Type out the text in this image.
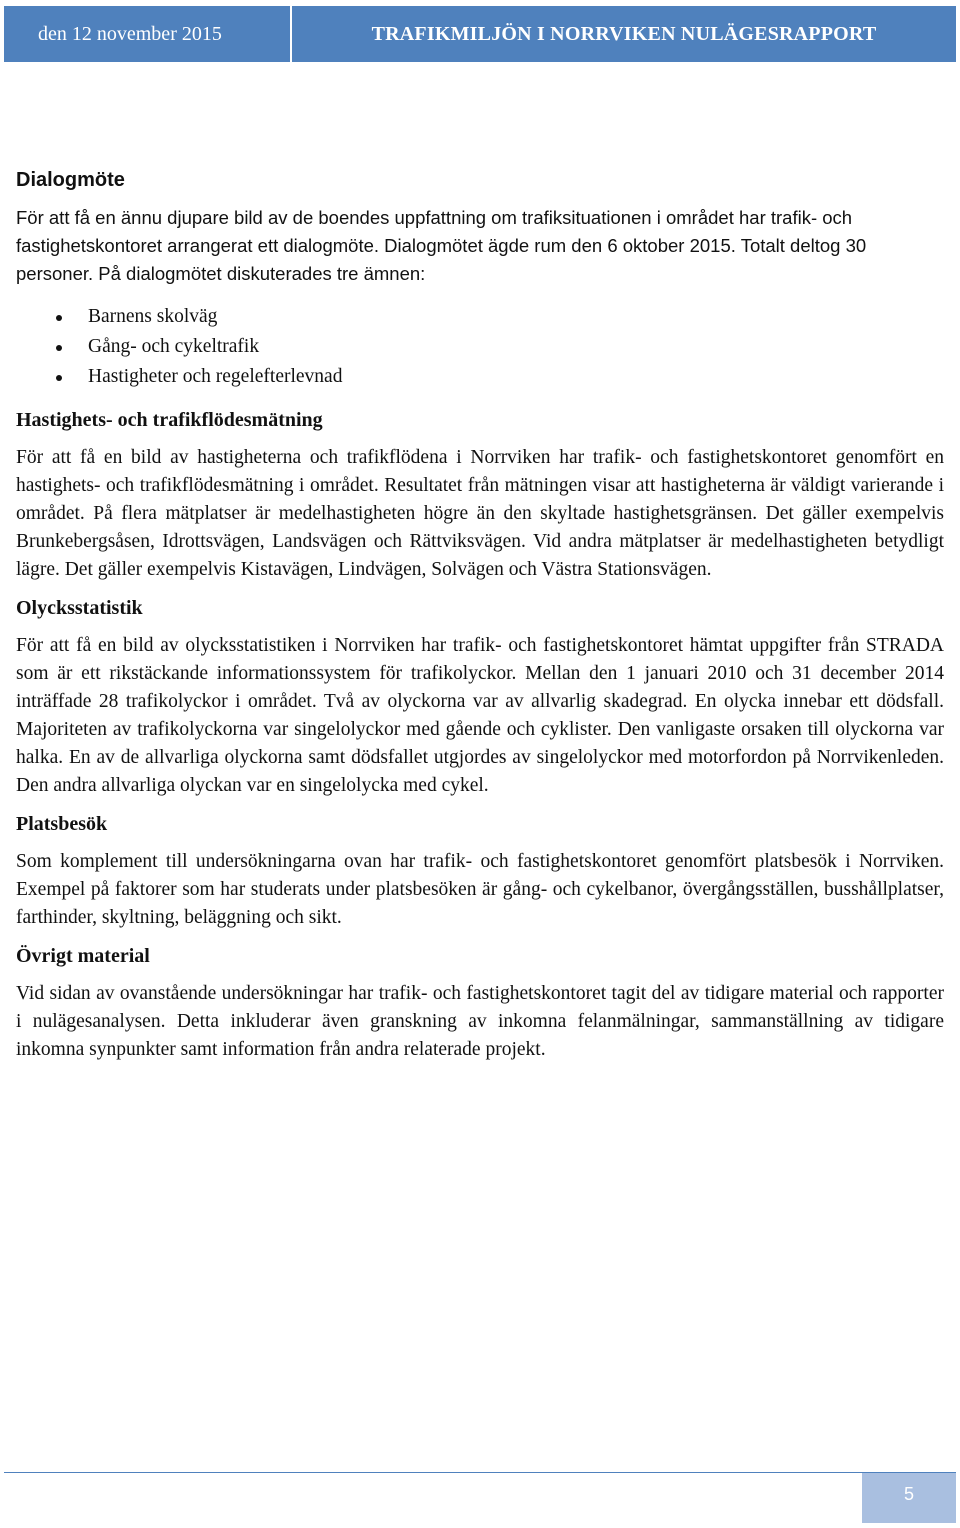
den 12 november 2015	TRAFIKMILJÖN I NORRVIKEN NULÄGESRAPPORT
Dialogmöte

För att få en ännu djupare bild av de boendes uppfattning om trafiksituationen i området har trafik- och fastighetskontoret arrangerat ett dialogmöte. Dialogmötet ägde rum den 6 oktober 2015. Totalt deltog 30 personer. På dialogmötet diskuterades tre ämnen:

Barnens skolväg
Gång- och cykeltrafik
Hastigheter och regelefterlevnad
Hastighets- och trafikflödesmätning

För att få en bild av hastigheterna och trafikflödena i Norrviken har trafik- och fastighetskontoret genomfört en hastighets- och trafikflödesmätning i området. Resultatet från mätningen visar att hastigheterna är väldigt varierande i området. På flera mätplatser är medelhastigheten högre än den skyltade hastighetsgränsen. Det gäller exempelvis Brunkebergsåsen, Idrottsvägen, Landsvägen och Rättviksvägen. Vid andra mätplatser är medelhastigheten betydligt lägre. Det gäller exempelvis Kistavägen, Lindvägen, Solvägen och Västra Stationsvägen.

Olycksstatistik

För att få en bild av olycksstatistiken i Norrviken har trafik- och fastighetskontoret hämtat uppgifter från STRADA som är ett rikstäckande informationssystem för trafikolyckor. Mellan den 1 januari 2010 och 31 december 2014 inträffade 28 trafikolyckor i området. Två av olyckorna var av allvarlig skadegrad. En olycka innebar ett dödsfall. Majoriteten av trafikolyckorna var singelolyckor med gående och cyklister. Den vanligaste orsaken till olyckorna var halka. En av de allvarliga olyckorna samt dödsfallet utgjordes av singelolyckor med motorfordon på Norrvikenleden. Den andra allvarliga olyckan var en singelolycka med cykel.

Platsbesök

Som komplement till undersökningarna ovan har trafik- och fastighetskontoret genomfört platsbesök i Norrviken. Exempel på faktorer som har studerats under platsbesöken är gång- och cykelbanor, övergångsställen, busshållplatser, farthinder, skyltning, beläggning och sikt.

Övrigt material

Vid sidan av ovanstående undersökningar har trafik- och fastighetskontoret tagit del av tidigare material och rapporter i nulägesanalysen. Detta inkluderar även granskning av inkomna felanmälningar, sammanställning av tidigare inkomna synpunkter samt information från andra relaterade projekt.

5
